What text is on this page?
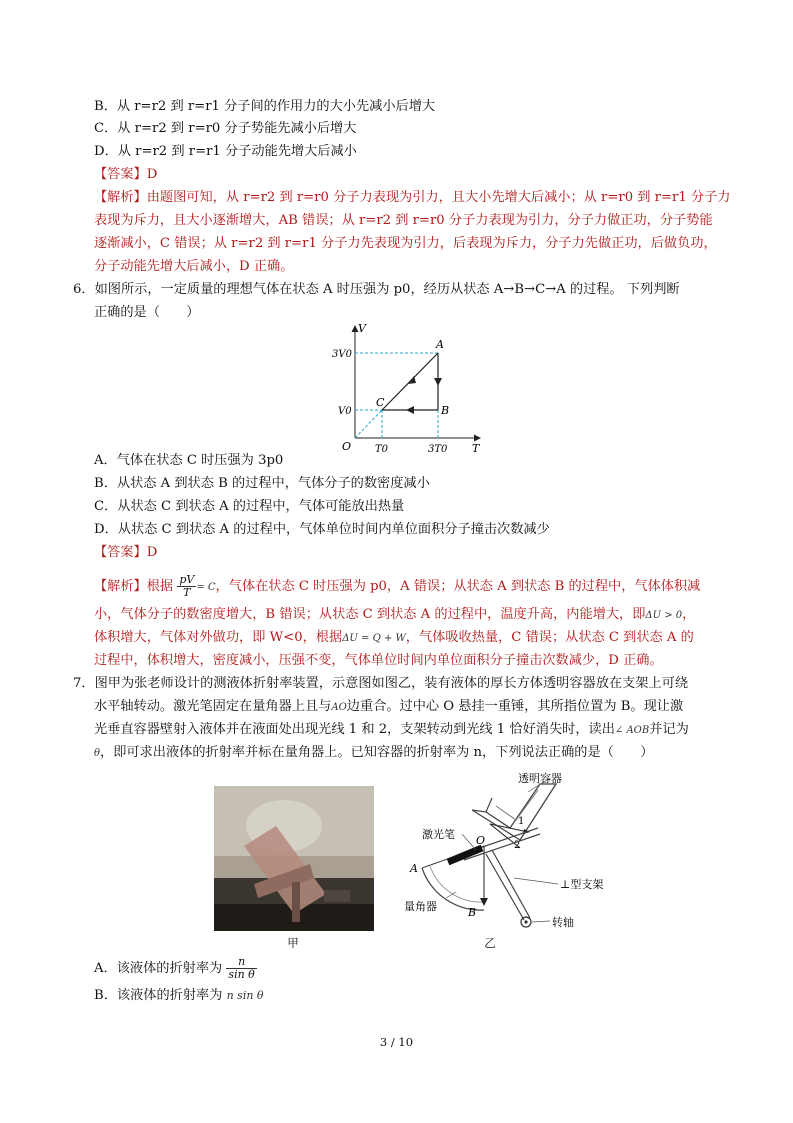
B．从 r=r2 到 r=r1 分子间的作用力的大小先减小后增大
C．从 r=r2 到 r=r0 分子势能先减小后增大
D．从 r=r2 到 r=r1 分子动能先增大后减小
【答案】D
【解析】由题图可知，从 r=r2 到 r=r0 分子力表现为引力，且大小先增大后减小；从 r=r0 到 r=r1 分子力
表现为斥力，且大小逐渐增大，AB 错误；从 r=r2 到 r=r0 分子力表现为引力，分子力做正功，分子势能
逐渐减小，C 错误；从 r=r2 到 r=r1 分子力先表现为引力，后表现为斥力，分子力先做正功，后做负功，
分子动能先增大后减小，D 正确。
6．如图所示，一定质量的理想气体在状态 A 时压强为 p0，经历从状态 A→B→C→A 的过程。 下列判断
正确的是（　　）
V
T
O
3V0
V0
T0	3T0
A
B
C
A．气体在状态 C 时压强为 3p0
B．从状态 A 到状态 B 的过程中，气体分子的数密度减小
C．从状态 C 到状态 A 的过程中，气体可能放出热量
D．从状态 C 到状态 A 的过程中，气体单位时间内单位面积分子撞击次数减少
【答案】D
【解析】根据 $\frac{pV}{T} = C$，气体在状态 C 时压强为 p0，A 错误；从状态 A 到状态 B 的过程中，气体体积减
小，气体分子的数密度增大，B 错误；从状态 C 到状态 A 的过程中，温度升高，内能增大，即ΔU > 0，
体积增大，气体对外做功，即 W<0，根据ΔU = Q + W，气体吸收热量，C 错误；从状态 C 到状态 A 的
过程中，体积增大，密度减小，压强不变，气体单位时间内单位面积分子撞击次数减少，D 正确。
7．图甲为张老师设计的测液体折射率装置，示意图如图乙，装有液体的厚长方体透明容器放在支架上可绕
水平轴转动。激光笔固定在量角器上且与AO边重合。过中心 O 悬挂一重锤，其所指位置为 B。现让激
光垂直容器壁射入液体并在液面处出现光线 1 和 2，支架转动到光线 1 恰好消失时，读出∠ AOB并记为
θ，即可求出液体的折射率并标在量角器上。已知容器的折射率为 n，下列说法正确的是（　　）
甲
1
2
透明容器
激光笔
⊥型支架
量角器
转轴
O
A
B
乙
A．该液体的折射率为 $\frac{n}{\text{sin θ}}$
B．该液体的折射率为 n sin θ
3 / 10
